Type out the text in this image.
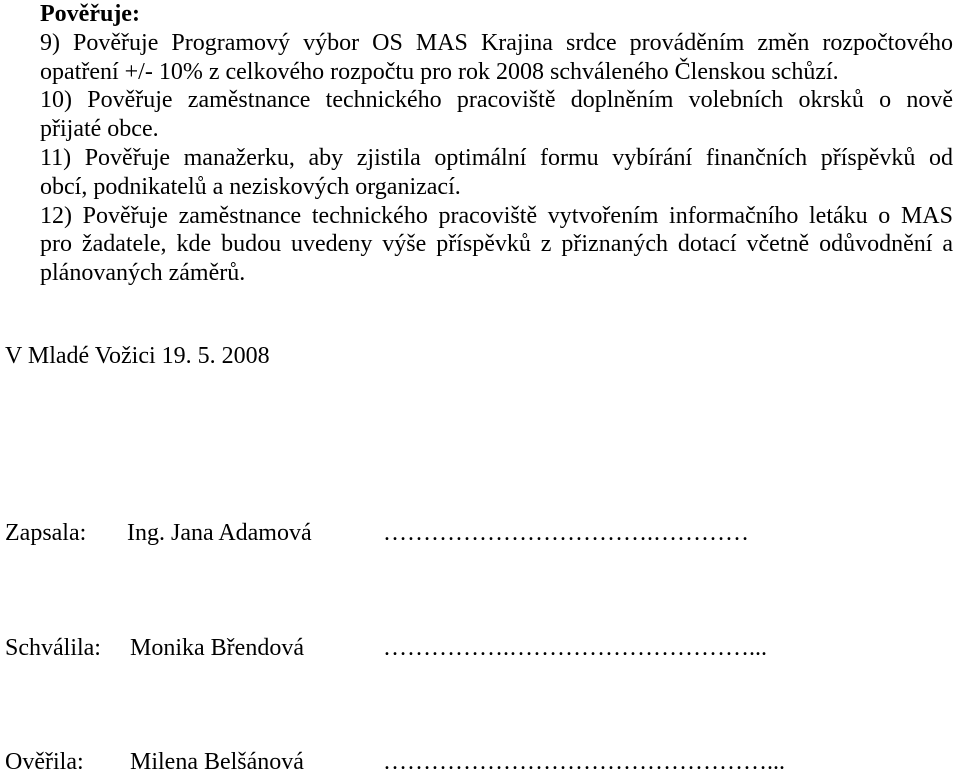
Pověřuje:
9) Pověřuje Programový výbor OS MAS Krajina srdce prováděním změn rozpočtového
opatření +/- 10% z celkového rozpočtu pro rok 2008 schváleného Členskou schůzí.
10) Pověřuje zaměstnance technického pracoviště doplněním volebních okrsků o nově
přijaté obce.
11) Pověřuje manažerku, aby zjistila optimální formu vybírání finančních příspěvků od
obcí, podnikatelů a neziskových organizací.
12) Pověřuje zaměstnance technického pracoviště vytvořením informačního letáku o MAS
pro žadatele, kde budou uvedeny výše příspěvků z přiznaných dotací včetně odůvodnění a
plánovaných záměrů.
V Mladé Vožici 19. 5. 2008
Zapsala: Ing. Jana Adamová	…………………………….…………
Schválila: Monika Břendová	…………….…………………………...
Ověřila: Milena Belšánová	…………………………………………...
